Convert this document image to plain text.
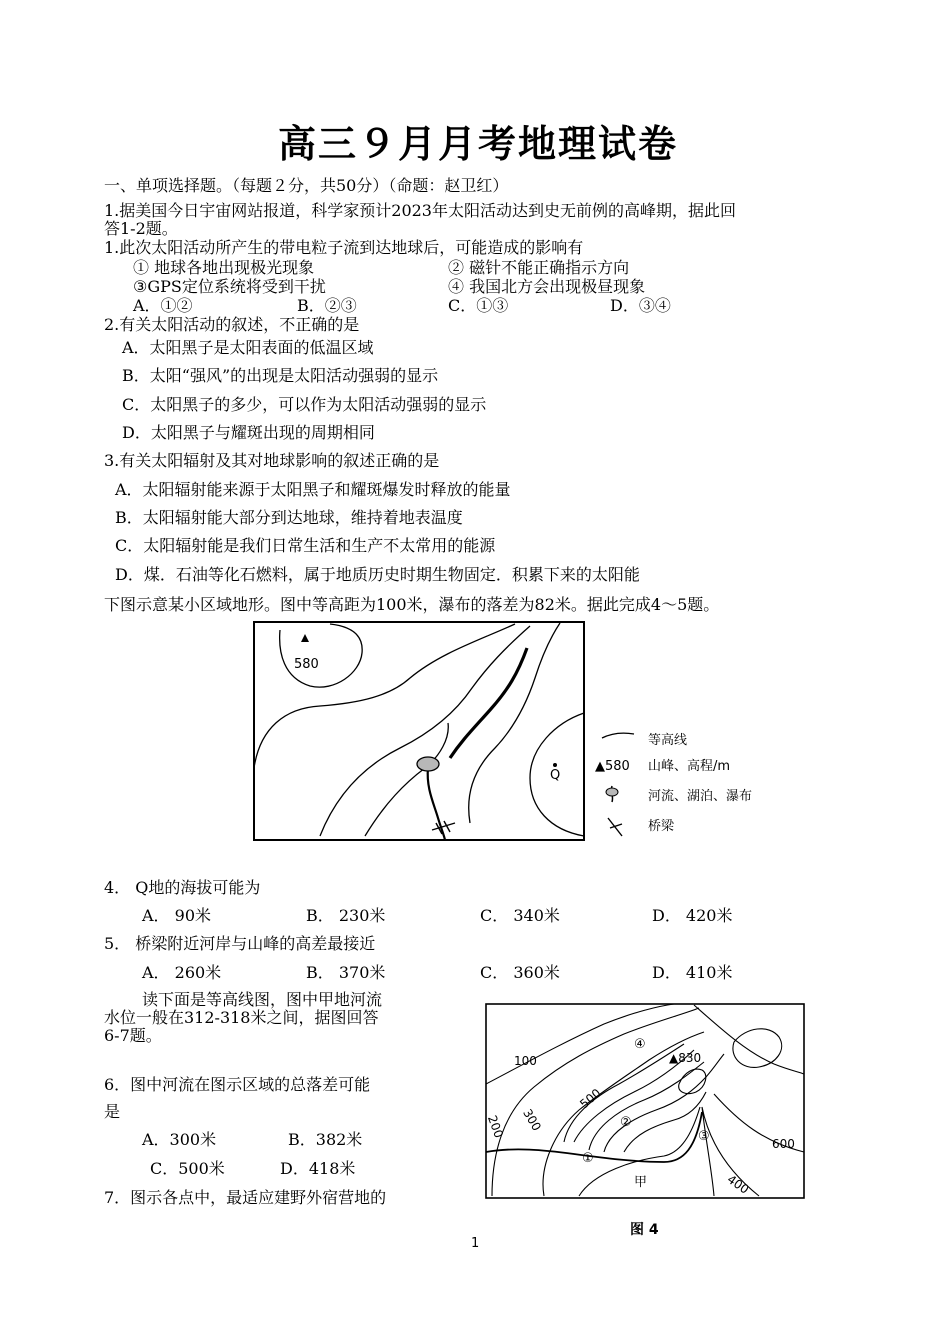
高三９月月考地理试卷
一、单项选择题。（每题２分，共50分）（命题：赵卫红）
1.据美国今日宇宙网站报道，科学家预计2023年太阳活动达到史无前例的高峰期，据此回
答1-2题。
1.此次太阳活动所产生的带电粒子流到达地球后，可能造成的影响有
① 地球各地出现极光现象	② 磁针不能正确指示方向
③GPS定位系统将受到干扰	④ 我国北方会出现极昼现象
A．①②	B．②③	C．①③	D．③④
2.有关太阳活动的叙述，不正确的是
A．太阳黑子是太阳表面的低温区域
B．太阳“强风”的出现是太阳活动强弱的显示
C．太阳黑子的多少，可以作为太阳活动强弱的显示
D．太阳黑子与耀斑出现的周期相同
3.有关太阳辐射及其对地球影响的叙述正确的是
A．太阳辐射能来源于太阳黑子和耀斑爆发时释放的能量
B．太阳辐射能大部分到达地球，维持着地表温度
C．太阳辐射能是我们日常生活和生产不太常用的能源
D．煤．石油等化石燃料，属于地质历史时期生物固定．积累下来的太阳能
下图示意某小区域地形。图中等高距为100米，瀑布的落差为82米。据此完成4～5题。
580
Q
等高线
▲580 山峰、高程/m
河流、湖泊、瀑布
桥梁
4． Q地的海拔可能为
A． 90米	B． 230米	C． 340米	D． 420米
5． 桥梁附近河岸与山峰的高差最接近
A． 260米	B． 370米	C． 360米	D． 410米
读下面是等高线图，图中甲地河流
水位一般在312-318米之间，据图回答
6-7题。
6．图中河流在图示区域的总落差可能
是
A．300米	B．382米
C．500米	D．418米
7．图示各点中，最适应建野外宿营地的
100
200 300
500
600
400
▲830
①
②
③
④
甲
图 4
1
